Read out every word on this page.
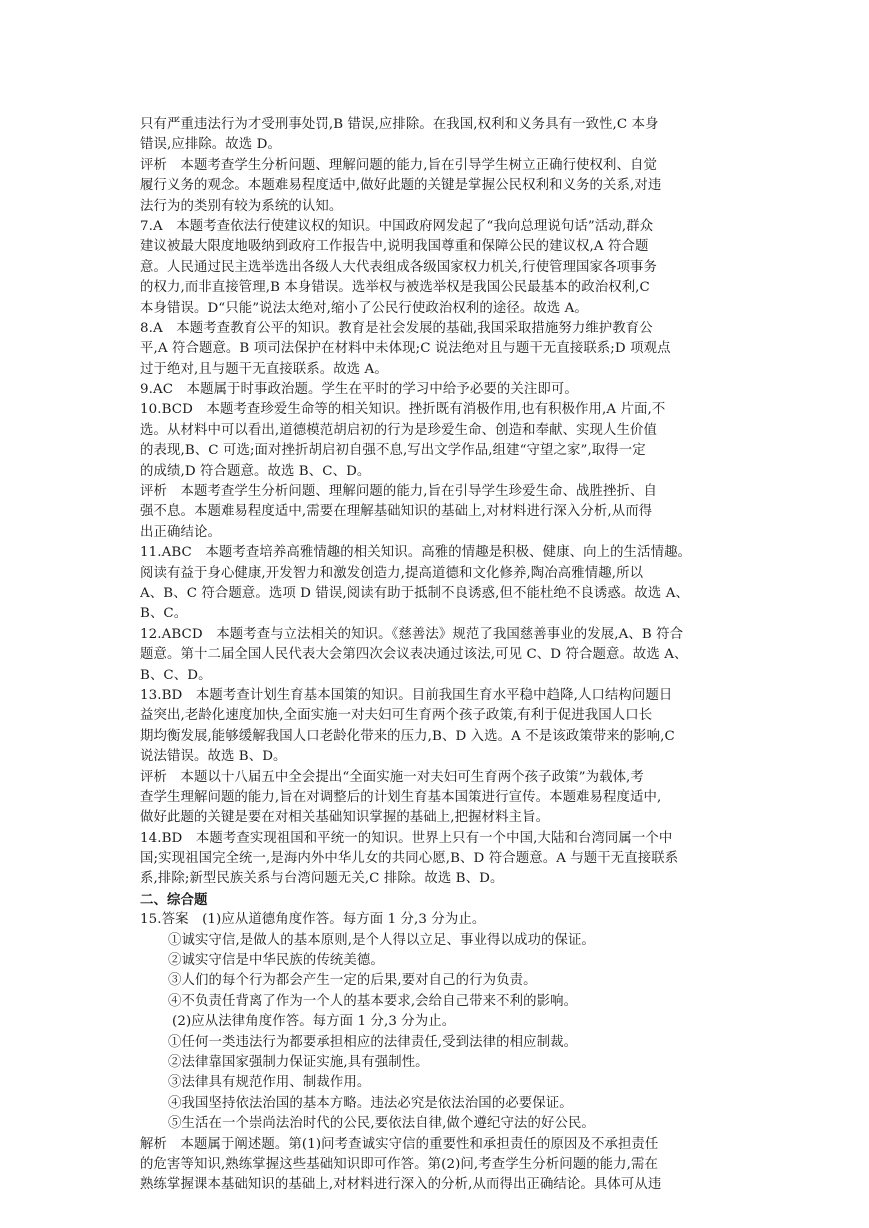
只有严重违法行为才受刑事处罚,B 错误,应排除。在我国,权利和义务具有一致性,C 本身
错误,应排除。故选 D。
评析　本题考查学生分析问题、理解问题的能力,旨在引导学生树立正确行使权利、自觉
履行义务的观念。本题难易程度适中,做好此题的关键是掌握公民权利和义务的关系,对违
法行为的类别有较为系统的认知。
7.A　本题考查依法行使建议权的知识。中国政府网发起了“我向总理说句话”活动,群众
建议被最大限度地吸纳到政府工作报告中,说明我国尊重和保障公民的建议权,A 符合题
意。人民通过民主选举选出各级人大代表组成各级国家权力机关,行使管理国家各项事务
的权力,而非直接管理,B 本身错误。选举权与被选举权是我国公民最基本的政治权利,C
本身错误。D“只能”说法太绝对,缩小了公民行使政治权利的途径。故选 A。
8.A　本题考查教育公平的知识。教育是社会发展的基础,我国采取措施努力维护教育公
平,A 符合题意。B 项司法保护在材料中未体现;C 说法绝对且与题干无直接联系;D 项观点
过于绝对,且与题干无直接联系。故选 A。
9.AC　本题属于时事政治题。学生在平时的学习中给予必要的关注即可。
10.BCD　本题考查珍爱生命等的相关知识。挫折既有消极作用,也有积极作用,A 片面,不
选。从材料中可以看出,道德模范胡启初的行为是珍爱生命、创造和奉献、实现人生价值
的表现,B、C 可选;面对挫折胡启初自强不息,写出文学作品,组建“守望之家”,取得一定
的成绩,D 符合题意。故选 B、C、D。
评析　本题考查学生分析问题、理解问题的能力,旨在引导学生珍爱生命、战胜挫折、自
强不息。本题难易程度适中,需要在理解基础知识的基础上,对材料进行深入分析,从而得
出正确结论。
11.ABC　本题考查培养高雅情趣的相关知识。高雅的情趣是积极、健康、向上的生活情趣。
阅读有益于身心健康,开发智力和激发创造力,提高道德和文化修养,陶冶高雅情趣,所以
A、B、C 符合题意。选项 D 错误,阅读有助于抵制不良诱惑,但不能杜绝不良诱惑。故选 A、
B、C。
12.ABCD　本题考查与立法相关的知识。《慈善法》规范了我国慈善事业的发展,A、B 符合
题意。第十二届全国人民代表大会第四次会议表决通过该法,可见 C、D 符合题意。故选 A、
B、C、D。
13.BD　本题考查计划生育基本国策的知识。目前我国生育水平稳中趋降,人口结构问题日
益突出,老龄化速度加快,全面实施一对夫妇可生育两个孩子政策,有利于促进我国人口长
期均衡发展,能够缓解我国人口老龄化带来的压力,B、D 入选。A 不是该政策带来的影响,C
说法错误。故选 B、D。
评析　本题以十八届五中全会提出“全面实施一对夫妇可生育两个孩子政策”为载体,考
查学生理解问题的能力,旨在对调整后的计划生育基本国策进行宣传。本题难易程度适中,
做好此题的关键是要在对相关基础知识掌握的基础上,把握材料主旨。
14.BD　本题考查实现祖国和平统一的知识。世界上只有一个中国,大陆和台湾同属一个中
国;实现祖国完全统一,是海内外中华儿女的共同心愿,B、D 符合题意。A 与题干无直接联系
系,排除;新型民族关系与台湾问题无关,C 排除。故选 B、D。
二、综合题
15.答案　(1)应从道德角度作答。每方面 1 分,3 分为止。
①诚实守信,是做人的基本原则,是个人得以立足、事业得以成功的保证。
②诚实守信是中华民族的传统美德。
③人们的每个行为都会产生一定的后果,要对自己的行为负责。
④不负责任背离了作为一个人的基本要求,会给自己带来不利的影响。
(2)应从法律角度作答。每方面 1 分,3 分为止。
①任何一类违法行为都要承担相应的法律责任,受到法律的相应制裁。
②法律靠国家强制力保证实施,具有强制性。
③法律具有规范作用、制裁作用。
④我国坚持依法治国的基本方略。违法必究是依法治国的必要保证。
⑤生活在一个崇尚法治时代的公民,要依法自律,做个遵纪守法的好公民。
解析　本题属于阐述题。第(1)问考查诚实守信的重要性和承担责任的原因及不承担责任
的危害等知识,熟练掌握这些基础知识即可作答。第(2)问,考查学生分析问题的能力,需在
熟练掌握课本基础知识的基础上,对材料进行深入的分析,从而得出正确结论。具体可从违
